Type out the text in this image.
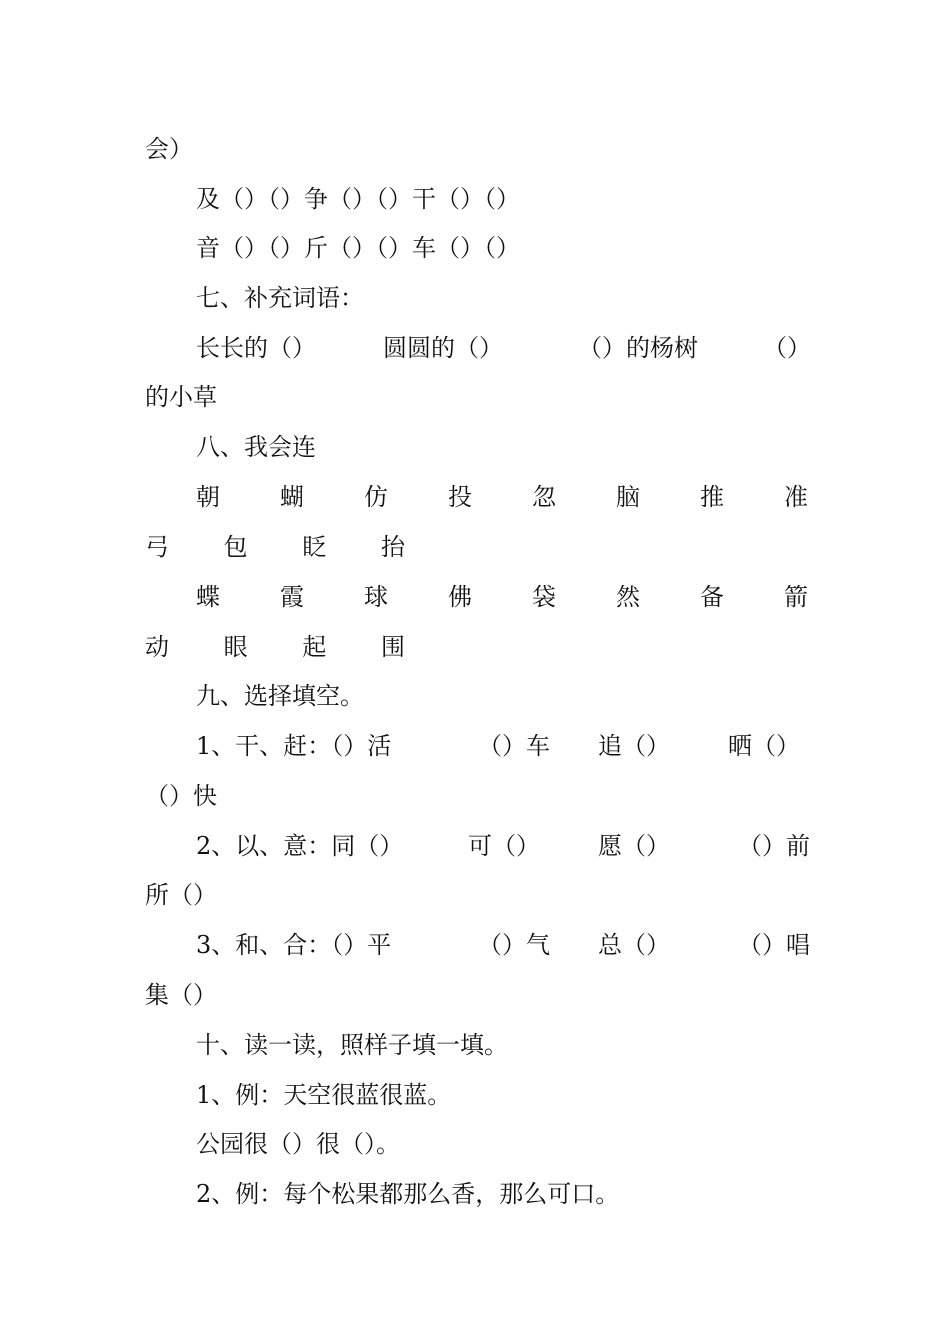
会）
及（）（）争（）（）干（）（）
音（）（）斤（）（）车（）（）
七、补充词语：
长长的（）	圆圆的（）	（）的杨树	（）
的小草
八、我会连
朝	蝴	仿	投	忽	脑	推	准
弓 包 眨 抬
蝶	霞	球	佛	袋	然	备	箭
动 眼 起 围
九、选择填空。
1、干、赶：（）活	（）车 追（） 晒（）
（）快
2、以、意：同（）	可（） 愿（）	（）前
所（）
3、和、合：（）平	（）气 总（）	（）唱
集（）
十、读一读，照样子填一填。
1、例：天空很蓝很蓝。
公园很（）很（）。
2、例：每个松果都那么香，那么可口。
